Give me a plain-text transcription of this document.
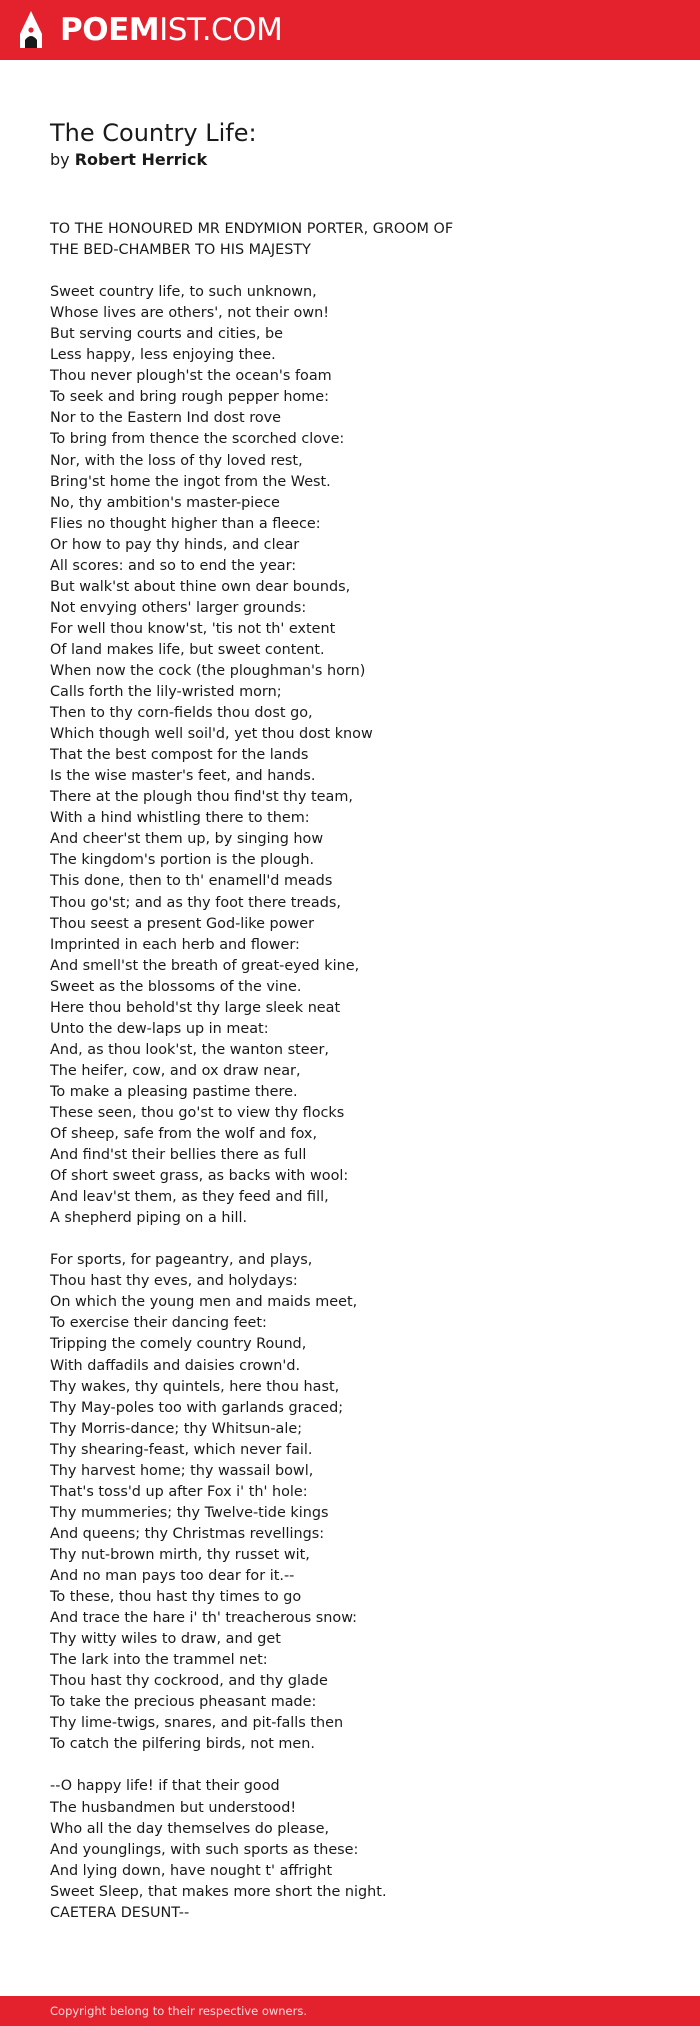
POEMIST.COM
The Country Life:
by Robert Herrick
TO THE HONOURED MR ENDYMION PORTER, GROOM OF
THE BED-CHAMBER TO HIS MAJESTY
Sweet country life, to such unknown,
Whose lives are others', not their own!
But serving courts and cities, be
Less happy, less enjoying thee.
Thou never plough'st the ocean's foam
To seek and bring rough pepper home:
Nor to the Eastern Ind dost rove
To bring from thence the scorched clove:
Nor, with the loss of thy loved rest,
Bring'st home the ingot from the West.
No, thy ambition's master-piece
Flies no thought higher than a fleece:
Or how to pay thy hinds, and clear
All scores: and so to end the year:
But walk'st about thine own dear bounds,
Not envying others' larger grounds:
For well thou know'st, 'tis not th' extent
Of land makes life, but sweet content.
When now the cock (the ploughman's horn)
Calls forth the lily-wristed morn;
Then to thy corn-fields thou dost go,
Which though well soil'd, yet thou dost know
That the best compost for the lands
Is the wise master's feet, and hands.
There at the plough thou find'st thy team,
With a hind whistling there to them:
And cheer'st them up, by singing how
The kingdom's portion is the plough.
This done, then to th' enamell'd meads
Thou go'st; and as thy foot there treads,
Thou seest a present God-like power
Imprinted in each herb and flower:
And smell'st the breath of great-eyed kine,
Sweet as the blossoms of the vine.
Here thou behold'st thy large sleek neat
Unto the dew-laps up in meat:
And, as thou look'st, the wanton steer,
The heifer, cow, and ox draw near,
To make a pleasing pastime there.
These seen, thou go'st to view thy flocks
Of sheep, safe from the wolf and fox,
And find'st their bellies there as full
Of short sweet grass, as backs with wool:
And leav'st them, as they feed and fill,
A shepherd piping on a hill.
For sports, for pageantry, and plays,
Thou hast thy eves, and holydays:
On which the young men and maids meet,
To exercise their dancing feet:
Tripping the comely country Round,
With daffadils and daisies crown'd.
Thy wakes, thy quintels, here thou hast,
Thy May-poles too with garlands graced;
Thy Morris-dance; thy Whitsun-ale;
Thy shearing-feast, which never fail.
Thy harvest home; thy wassail bowl,
That's toss'd up after Fox i' th' hole:
Thy mummeries; thy Twelve-tide kings
And queens; thy Christmas revellings:
Thy nut-brown mirth, thy russet wit,
And no man pays too dear for it.--
To these, thou hast thy times to go
And trace the hare i' th' treacherous snow:
Thy witty wiles to draw, and get
The lark into the trammel net:
Thou hast thy cockrood, and thy glade
To take the precious pheasant made:
Thy lime-twigs, snares, and pit-falls then
To catch the pilfering birds, not men.
--O happy life! if that their good
The husbandmen but understood!
Who all the day themselves do please,
And younglings, with such sports as these:
And lying down, have nought t' affright
Sweet Sleep, that makes more short the night.
CAETERA DESUNT--
Copyright belong to their respective owners.
